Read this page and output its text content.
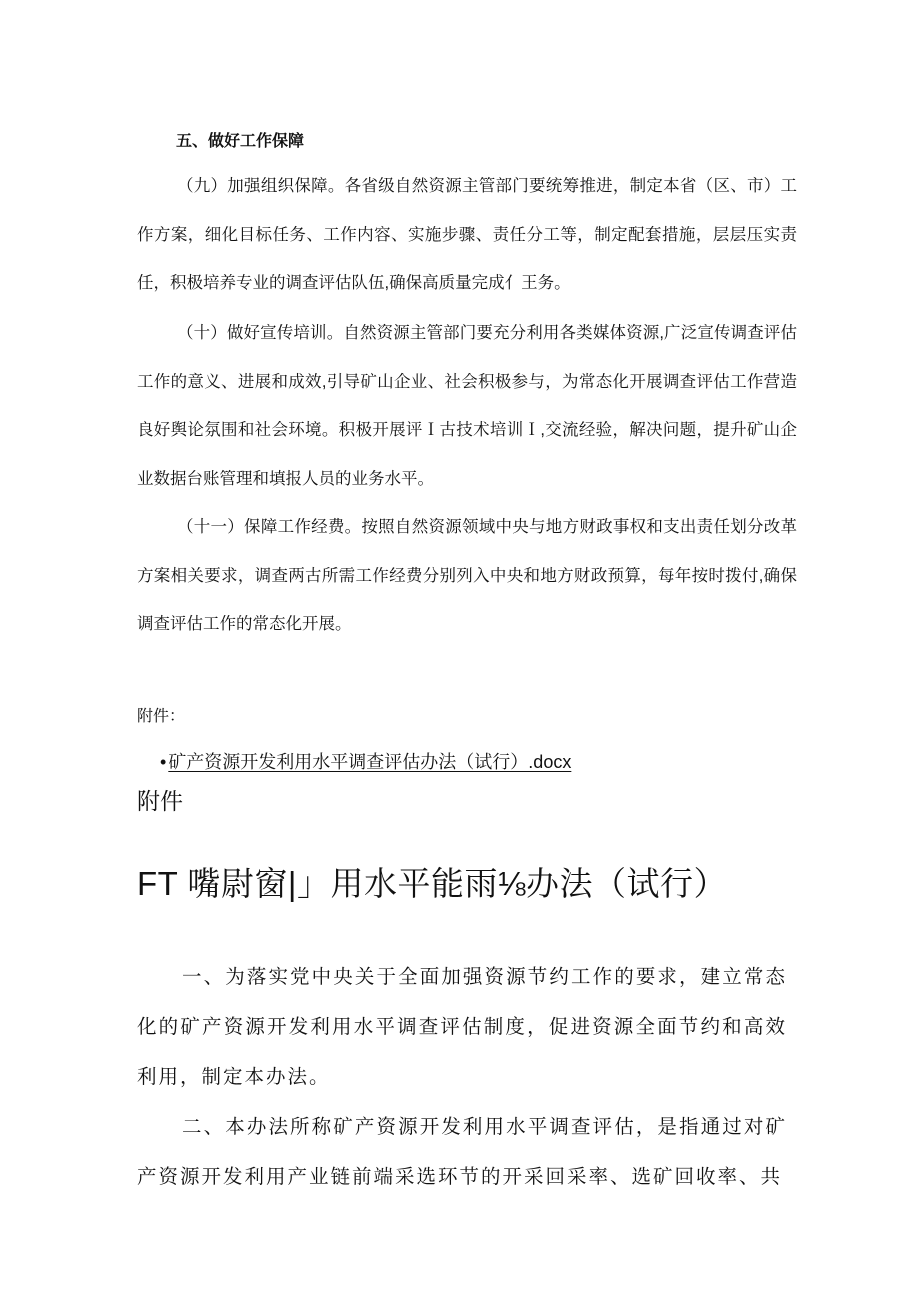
五、做好工作保障

（九）加强组织保障。各省级自然资源主管部门要统筹推进，制定本省（区、市）工作方案，细化目标任务、工作内容、实施步骤、责任分工等，制定配套措施，层层压实责任，积极培养专业的调查评估队伍,确保高质量完成亻王务。

（十）做好宣传培训。自然资源主管部门要充分利用各类媒体资源,广泛宣传调查评估工作的意义、进展和成效,引导矿山企业、社会积极参与，为常态化开展调查评估工作营造良好舆论氛围和社会环境。积极开展评Ｉ古技术培训Ｉ,交流经验，解决问题，提升矿山企业数据台账管理和填报人员的业务水平。

（十一）保障工作经费。按照自然资源领域中央与地方财政事权和支出责任划分改革方案相关要求，调查两古所需工作经费分别列入中央和地方财政预算，每年按时拨付,确保调查评估工作的常态化开展。

附件：
• 矿产资源开发利用水平调查评估办法（试行）.docx
附件
FT 嘴尉窗|」用水平能雨⅛办法（试行）

一、为落实党中央关于全面加强资源节约工作的要求，建立常态化的矿产资源开发利用水平调查评估制度，促进资源全面节约和高效利用，制定本办法。

二、本办法所称矿产资源开发利用水平调查评估，是指通过对矿产资源开发利用产业链前端采选环节的开采回采率、选矿回收率、共
